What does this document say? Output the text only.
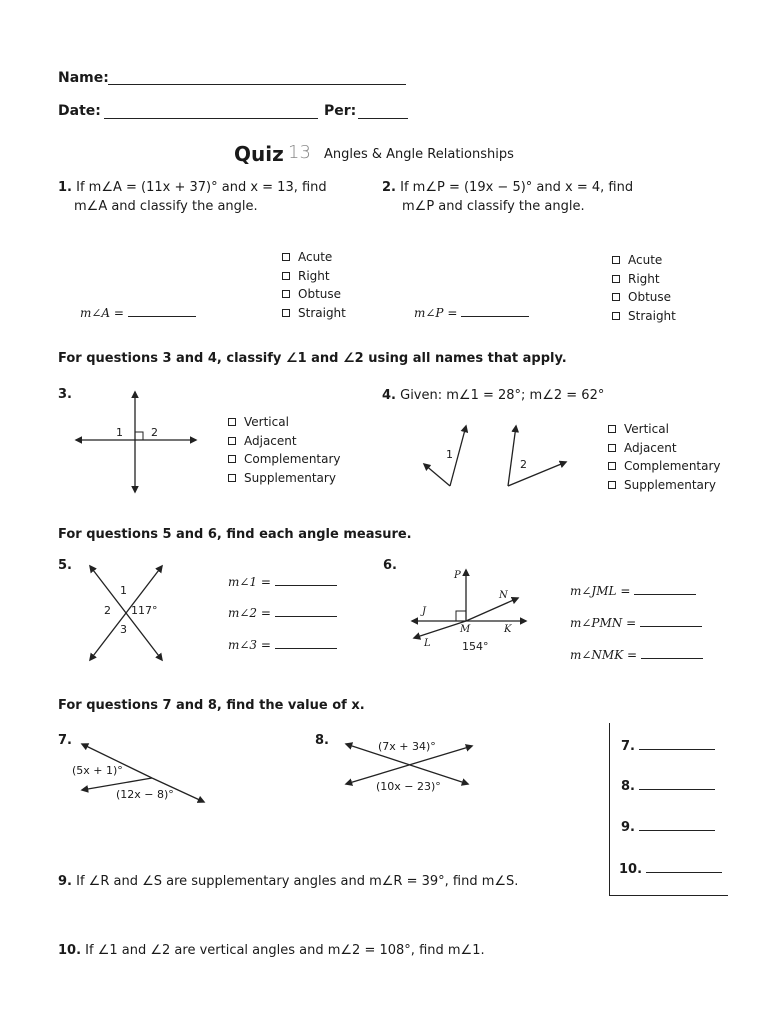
Name:
Date:	Per:
Quiz 13 Angles & Angle Relationships
1. If m∠A = (11x + 37)° and x = 13, find
m∠A and classify the angle.
Acute
Right
Obtuse
Straight
m∠A =
2. If m∠P = (19x − 5)° and x = 4, find
m∠P and classify the angle.
Acute
Right
Obtuse
Straight
m∠P =
For questions 3 and 4, classify ∠1 and ∠2 using all names that apply.
3.
1	2
Vertical
Adjacent
Complementary
Supplementary
4. Given: m∠1 = 28°; m∠2 = 62°
1
2
Vertical
Adjacent
Complementary
Supplementary
For questions 5 and 6, find each angle measure.
5.
1
2 117°
3
m∠1 =
m∠2 =
m∠3 =
6.
P
N
J
M	K
L	154°
m∠JML =
m∠PMN =
m∠NMK =
For questions 7 and 8, find the value of x.
7.
(5x + 1)°
(12x − 8)°
8.	(7x + 34)°
(10x − 23)°
7.
8.
9.
10.
9. If ∠R and ∠S are supplementary angles and m∠R = 39°, find m∠S.
10. If ∠1 and ∠2 are vertical angles and m∠2 = 108°, find m∠1.
